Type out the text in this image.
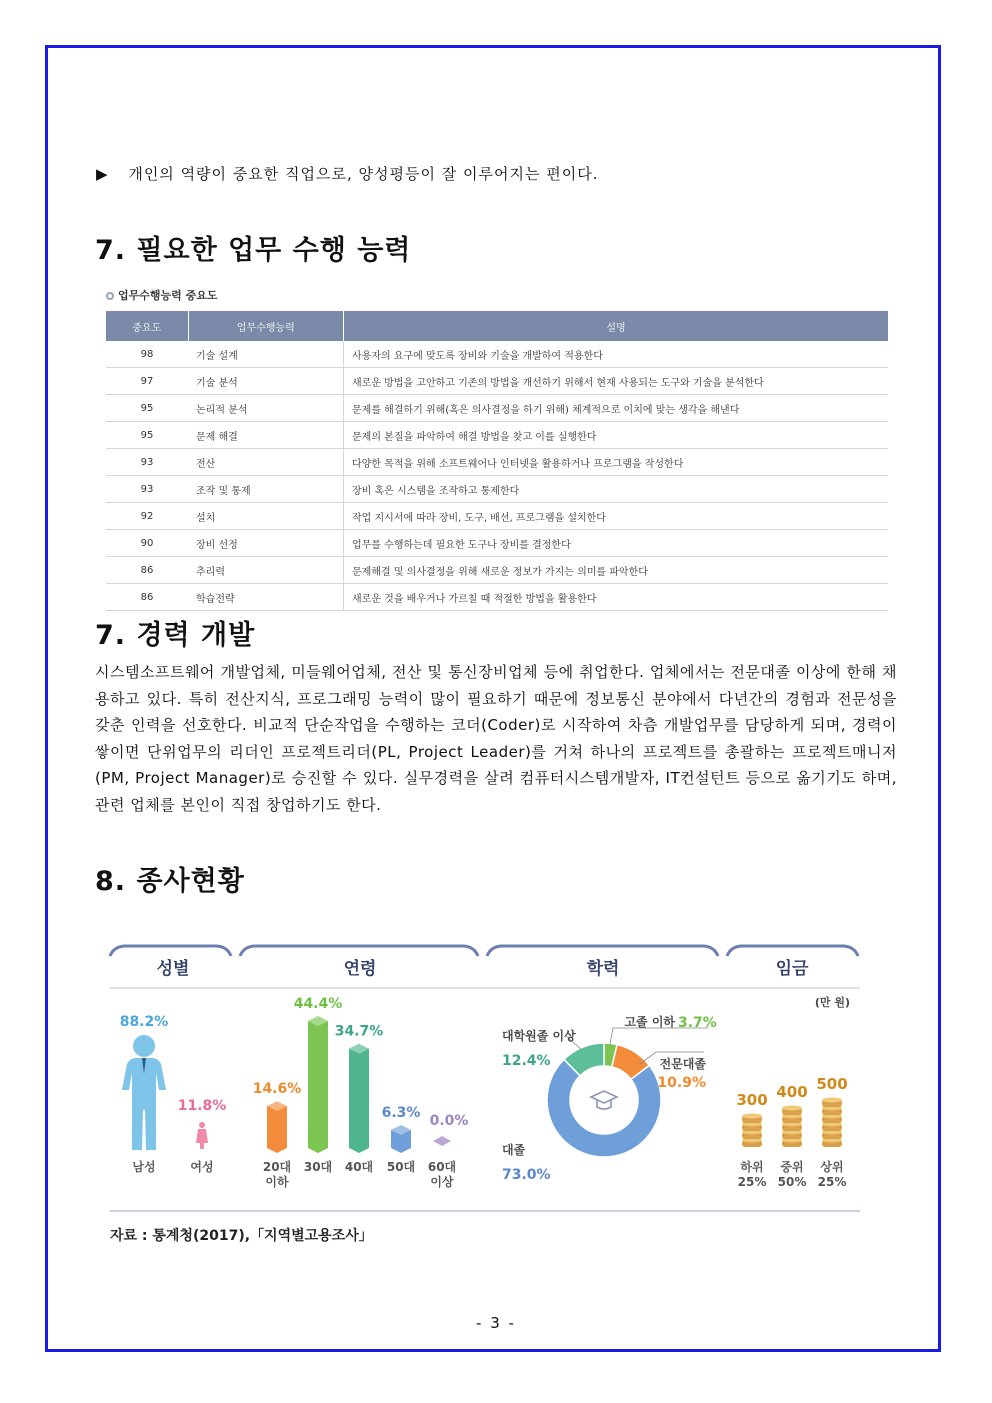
▶ 개인의 역량이 중요한 직업으로, 양성평등이 잘 이루어지는 편이다.
7. 필요한 업무 수행 능력
업무수행능력 중요도
중요도	업무수행능력	설명
98	기술 설계	사용자의 요구에 맞도록 장비와 기술을 개발하여 적용한다
97	기술 분석	새로운 방법을 고안하고 기존의 방법을 개선하기 위해서 현재 사용되는 도구와 기술을 분석한다
95	논리적 분석	문제를 해결하기 위해(혹은 의사결정을 하기 위해) 체계적으로 이치에 맞는 생각을 해낸다
95	문제 해결	문제의 본질을 파악하여 해결 방법을 찾고 이를 실행한다
93	전산	다양한 목적을 위해 소프트웨어나 인터넷을 활용하거나 프로그램을 작성한다
93	조작 및 통제	장비 혹은 시스템을 조작하고 통제한다
92	설치	작업 지시서에 따라 장비, 도구, 배선, 프로그램을 설치한다
90	장비 선정	업무를 수행하는데 필요한 도구나 장비를 결정한다
86	추리력	문제해결 및 의사결정을 위해 새로운 정보가 가지는 의미를 파악한다
86	학습전략	새로운 것을 배우거나 가르칠 때 적절한 방법을 활용한다
7. 경력 개발
시스템소프트웨어 개발업체, 미들웨어업체, 전산 및 통신장비업체 등에 취업한다. 업체에서는 전문대졸 이상에 한해 채용하고 있다. 특히 전산지식, 프로그래밍 능력이 많이 필요하기 때문에 정보통신 분야에서 다년간의 경험과 전문성을 갖춘 인력을 선호한다. 비교적 단순작업을 수행하는 코더(Coder)로 시작하여 차츰 개발업무를 담당하게 되며, 경력이 쌓이면 단위업무의 리더인 프로젝트리더(PL, Project Leader)를 거쳐 하나의 프로젝트를 총괄하는 프로젝트매니저(PM, Project Manager)로 승진할 수 있다. 실무경력을 살려 컴퓨터시스템개발자, IT컨설턴트 등으로 옮기기도 하며, 관련 업체를 본인이 직접 창업하기도 한다.
8. 종사현황
성별	연령	학력	임금
자료 : 통계청(2017),「지역별고용조사」
88.2%
11.8%
남성	여성
14.6%
20대
이하
44.4%
30대
34.7%
40대
6.3%
50대
0.0%
60대
이상
고졸 이하 3.7%
전문대졸
10.9%
대학원졸 이상
12.4%
대졸
73.0%
(만 원)
300
하위
25%
400
중위
50%
500
상위
25%
- 3 -
